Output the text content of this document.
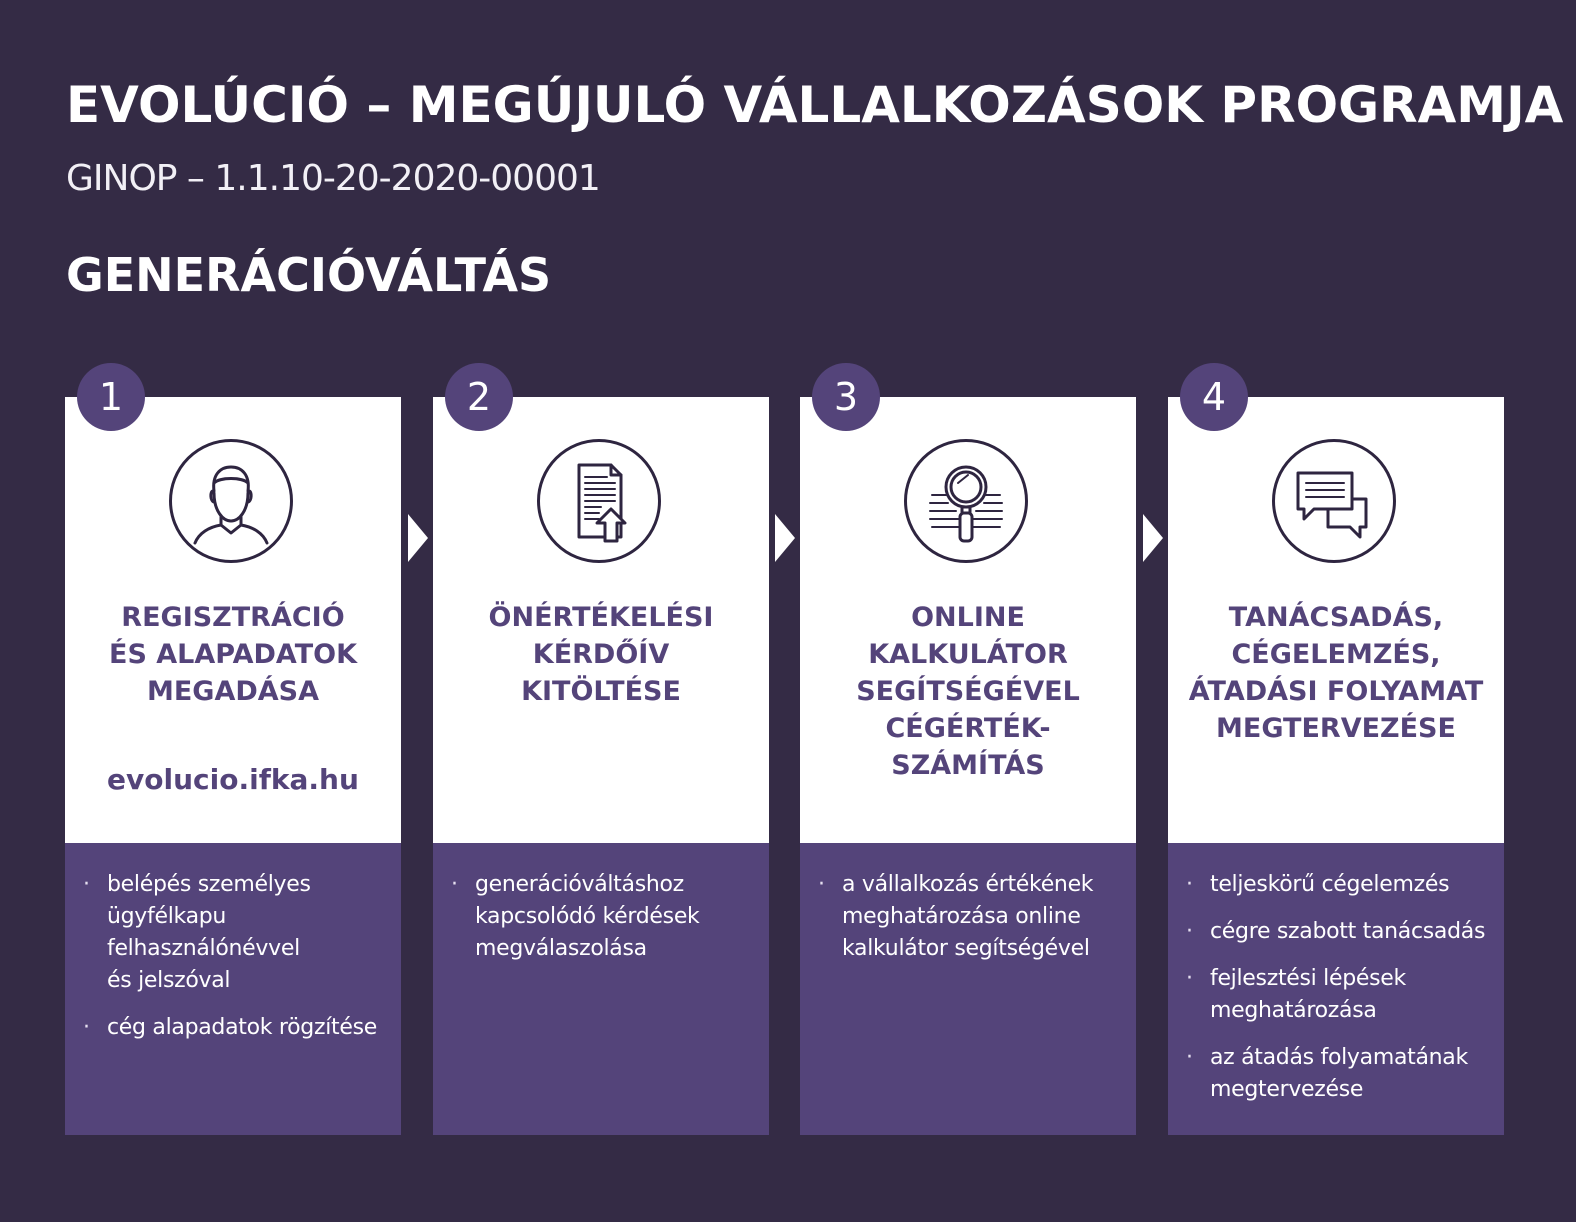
EVOLÚCIÓ – MEGÚJULÓ VÁLLALKOZÁSOK PROGRAMJA
GINOP – 1.1.10-20-2020-00001
GENERÁCIÓVÁLTÁS
REGISZTRÁCIÓ
ÉS ALAPADATOK
MEGADÁSA
evolucio.ifka.hu
· belépés személyes
ügyfélkapu
felhasználónévvel
és jelszóval
· cég alapadatok rögzítése
1
ÖNÉRTÉKELÉSI
KÉRDŐÍV
KITÖLTÉSE
· generációváltáshoz
kapcsolódó kérdések
megválaszolása
2
ONLINE
KALKULÁTOR
SEGÍTSÉGÉVEL
CÉGÉRTÉK-
SZÁMÍTÁS
· a vállalkozás értékének
meghatározása online
kalkulátor segítségével
3
TANÁCSADÁS,
CÉGELEMZÉS,
ÁTADÁSI FOLYAMAT
MEGTERVEZÉSE
· teljeskörű cégelemzés
· cégre szabott tanácsadás
· fejlesztési lépések
meghatározása
· az átadás folyamatának
megtervezése
4
